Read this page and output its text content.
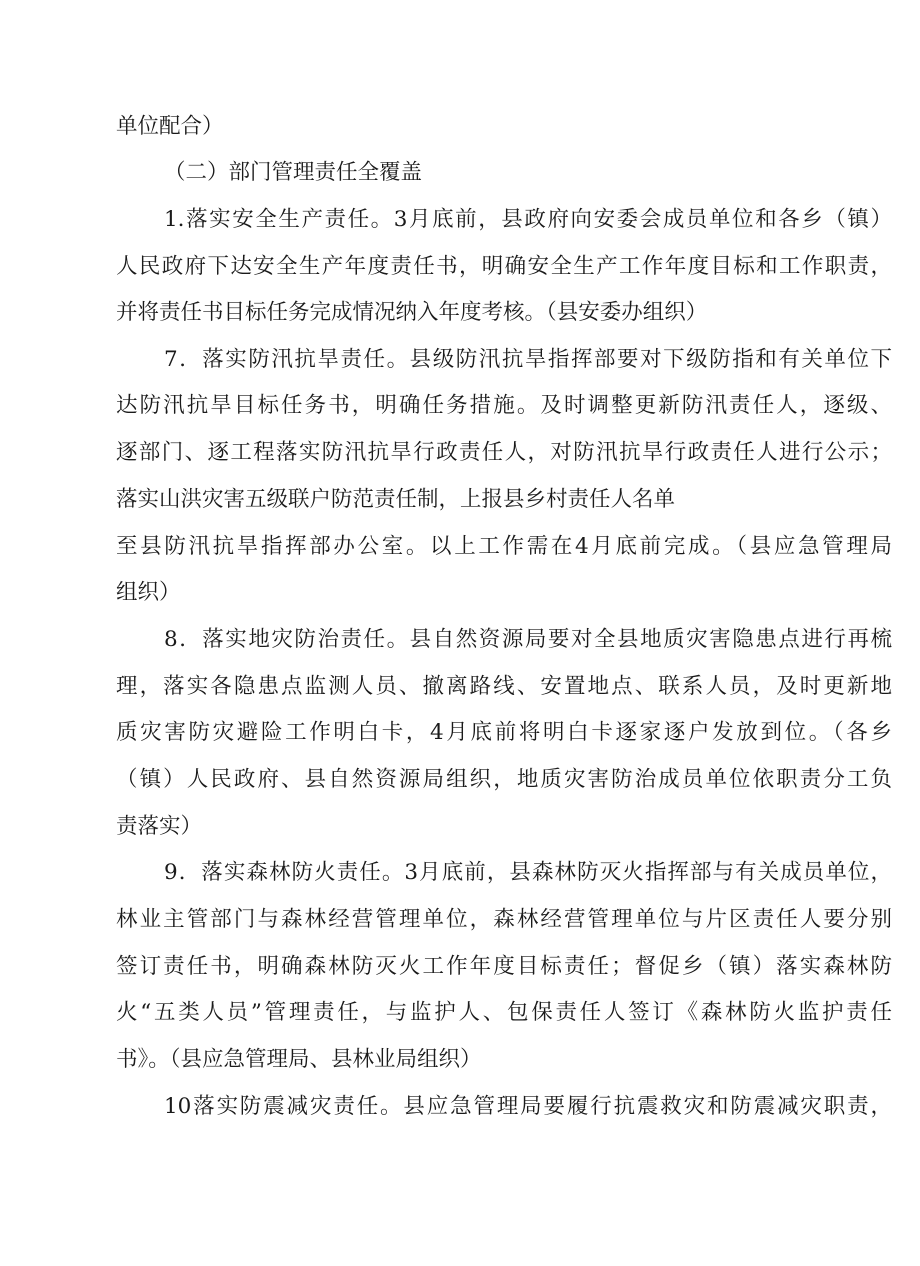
单位配合）
（二）部门管理责任全覆盖
1.落实安全生产责任。3月底前，县政府向安委会成员单位和各乡（镇）
人民政府下达安全生产年度责任书，明确安全生产工作年度目标和工作职责，
并将责任书目标任务完成情况纳入年度考核。（县安委办组织）
7．落实防汛抗旱责任。县级防汛抗旱指挥部要对下级防指和有关单位下
达防汛抗旱目标任务书，明确任务措施。及时调整更新防汛责任人，逐级、
逐部门、逐工程落实防汛抗旱行政责任人，对防汛抗旱行政责任人进行公示；
落实山洪灾害五级联户防范责任制，上报县乡村责任人名单
至县防汛抗旱指挥部办公室。以上工作需在4月底前完成。（县应急管理局
组织）
8．落实地灾防治责任。县自然资源局要对全县地质灾害隐患点进行再梳
理，落实各隐患点监测人员、撤离路线、安置地点、联系人员，及时更新地
质灾害防灾避险工作明白卡，4月底前将明白卡逐家逐户发放到位。（各乡
（镇）人民政府、县自然资源局组织，地质灾害防治成员单位依职责分工负
责落实）
9．落实森林防火责任。3月底前，县森林防灭火指挥部与有关成员单位，
林业主管部门与森林经营管理单位，森林经营管理单位与片区责任人要分别
签订责任书，明确森林防灭火工作年度目标责任；督促乡（镇）落实森林防
火“五类人员”管理责任，与监护人、包保责任人签订《森林防火监护责任
书》。（县应急管理局、县林业局组织）
10落实防震减灾责任。县应急管理局要履行抗震救灾和防震减灾职责，
